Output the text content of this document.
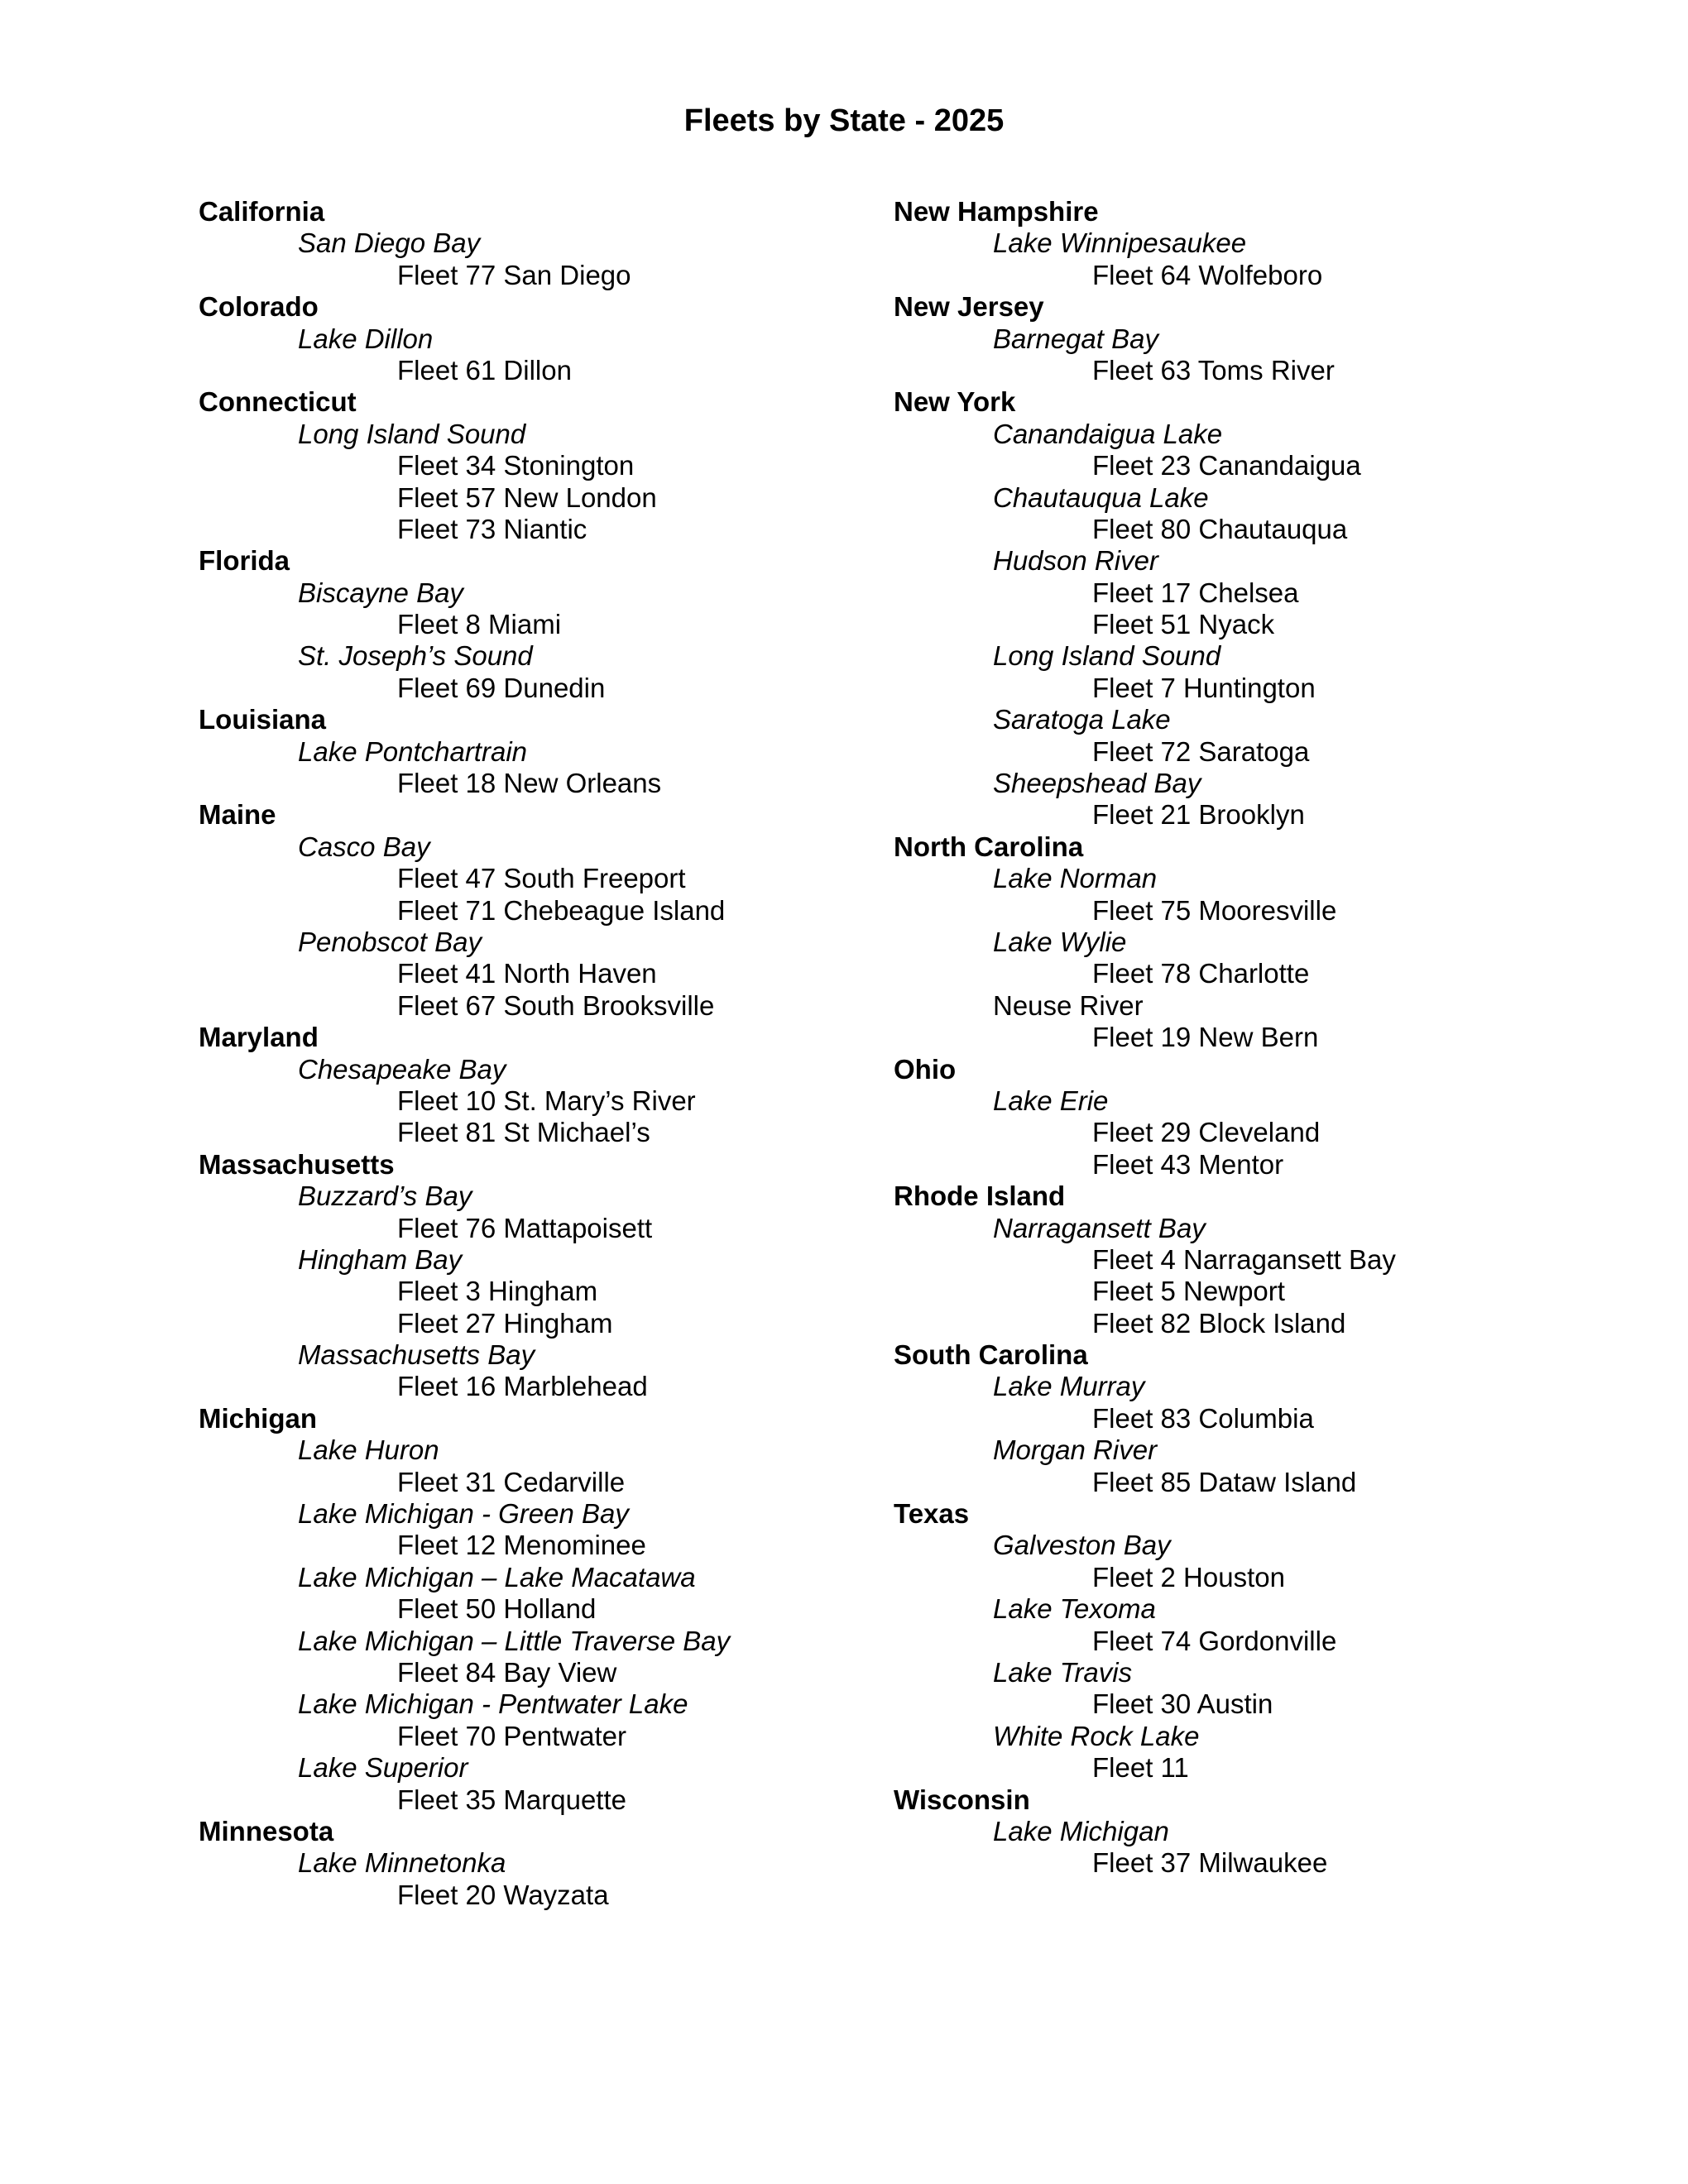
Fleets by State - 2025
California
San Diego Bay
Fleet 77 San Diego
Colorado
Lake Dillon
Fleet 61 Dillon
Connecticut
Long Island Sound
Fleet 34 Stonington
Fleet 57 New London
Fleet 73 Niantic
Florida
Biscayne Bay
Fleet 8 Miami
St. Joseph’s Sound
Fleet 69 Dunedin
Louisiana
Lake Pontchartrain
Fleet 18 New Orleans
Maine
Casco Bay
Fleet 47 South Freeport
Fleet 71 Chebeague Island
Penobscot Bay
Fleet 41 North Haven
Fleet 67 South Brooksville
Maryland
Chesapeake Bay
Fleet 10 St. Mary’s River
Fleet 81 St Michael’s
Massachusetts
Buzzard’s Bay
Fleet 76 Mattapoisett
Hingham Bay
Fleet 3 Hingham
Fleet 27 Hingham
Massachusetts Bay
Fleet 16 Marblehead
Michigan
Lake Huron
Fleet 31 Cedarville
Lake Michigan - Green Bay
Fleet 12 Menominee
Lake Michigan – Lake Macatawa
Fleet 50 Holland
Lake Michigan – Little Traverse Bay
Fleet 84 Bay View
Lake Michigan - Pentwater Lake
Fleet 70 Pentwater
Lake Superior
Fleet 35 Marquette
Minnesota
Lake Minnetonka
Fleet 20 Wayzata
New Hampshire
Lake Winnipesaukee
Fleet 64 Wolfeboro
New Jersey
Barnegat Bay
Fleet 63 Toms River
New York
Canandaigua Lake
Fleet 23 Canandaigua
Chautauqua Lake
Fleet 80 Chautauqua
Hudson River
Fleet 17 Chelsea
Fleet 51 Nyack
Long Island Sound
Fleet 7 Huntington
Saratoga Lake
Fleet 72 Saratoga
Sheepshead Bay
Fleet 21 Brooklyn
North Carolina
Lake Norman
Fleet 75 Mooresville
Lake Wylie
Fleet 78 Charlotte
Neuse River
Fleet 19 New Bern
Ohio
Lake Erie
Fleet 29 Cleveland
Fleet 43 Mentor
Rhode Island
Narragansett Bay
Fleet 4 Narragansett Bay
Fleet 5 Newport
Fleet 82 Block Island
South Carolina
Lake Murray
Fleet 83 Columbia
Morgan River
Fleet 85 Dataw Island
Texas
Galveston Bay
Fleet 2 Houston
Lake Texoma
Fleet 74 Gordonville
Lake Travis
Fleet 30 Austin
White Rock Lake
Fleet 11
Wisconsin
Lake Michigan
Fleet 37 Milwaukee
